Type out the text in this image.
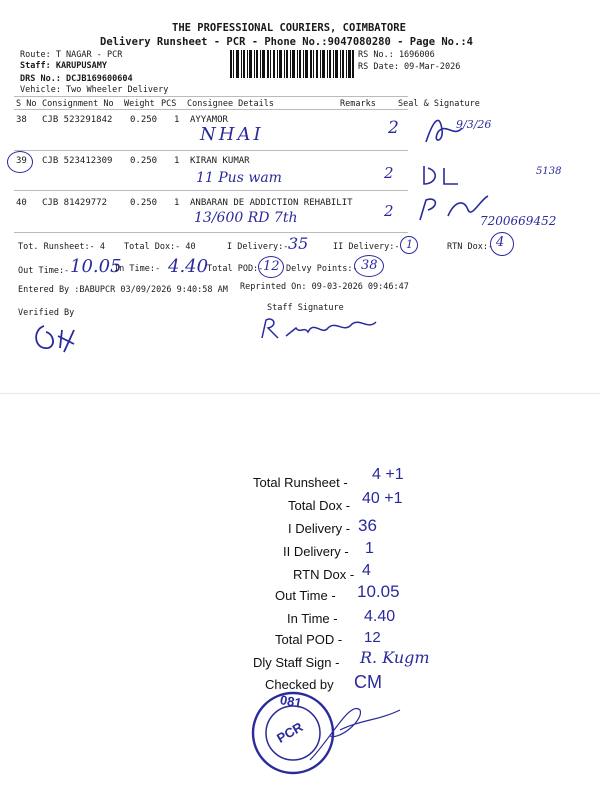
THE PROFESSIONAL COURIERS, COIMBATORE
Delivery Runsheet - PCR - Phone No.:9047080280 - Page No.:4
Route: T NAGAR - PCR
Staff: KARUPUSAMY
DRS No.: DCJB169600604
Vehicle: Two Wheeler Delivery
RS No.: 1696006
RS Date: 09-Mar-2026
S No Consignment No Weight PCS Consignee Details	Remarks	Seal & Signature
38 CJB 523291842 0.250 1 AYYAMOR
NHAI	2	9/3/26
39 CJB 523412309 0.250 1 KIRAN KUMAR
11 Pus wam	2	5138
40 CJB 81429772	0.250 1 ANBARAN DE ADDICTION REHABILIT
13/600 RD 7th	2
7200669452
Tot. Runsheet:- 4 Total Dox:- 40	I Delivery:- 35	II Delivery:- 1	RTN Dox:- 4
Out Time:- 10.05
In Time:- 4.40
Total POD:- 12 Delvy Points:- 38
Entered By :BABUPCR 03/09/2026 9:40:58 AM Reprinted On: 09-03-2026 09:46:47
Verified By	Staff Signature
Total Runsheet - 4 +1
Total Dox - 40 +1
I Delivery - 36
II Delivery - 1
RTN Dox - 4
Out Time - 10.05
In Time - 4.40
Total POD - 12
Dly Staff Sign - R. Kugm
Checked by CM
PCR
081
